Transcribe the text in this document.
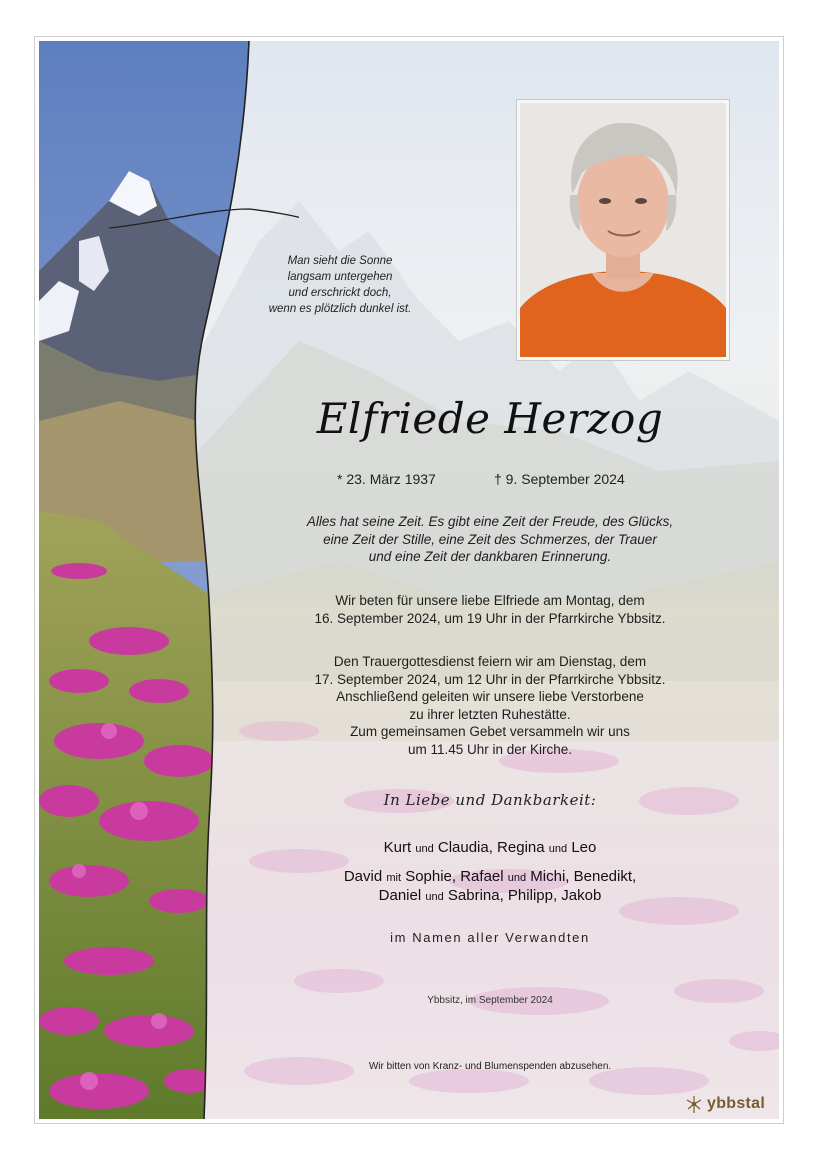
Man sieht die Sonne
langsam untergehen
und erschrickt doch,
wenn es plötzlich dunkel ist.
Elfriede Herzog
* 23. März 1937	† 9. September 2024
Alles hat seine Zeit. Es gibt eine Zeit der Freude, des Glücks,
eine Zeit der Stille, eine Zeit des Schmerzes, der Trauer
und eine Zeit der dankbaren Erinnerung.
Wir beten für unsere liebe Elfriede am Montag, dem
16. September 2024, um 19 Uhr in der Pfarrkirche Ybbsitz.
Den Trauergottesdienst feiern wir am Dienstag, dem
17. September 2024, um 12 Uhr in der Pfarrkirche Ybbsitz.
Anschließend geleiten wir unsere liebe Verstorbene
zu ihrer letzten Ruhestätte.
Zum gemeinsamen Gebet versammeln wir uns
um 11.45 Uhr in der Kirche.
In Liebe und Dankbarkeit:
Kurt und Claudia, Regina und Leo
David mit Sophie, Rafael und Michi, Benedikt,
Daniel und Sabrina, Philipp, Jakob
im Namen aller Verwandten
Ybbsitz, im September 2024
Wir bitten von Kranz- und Blumenspenden abzusehen.
ybbstal
